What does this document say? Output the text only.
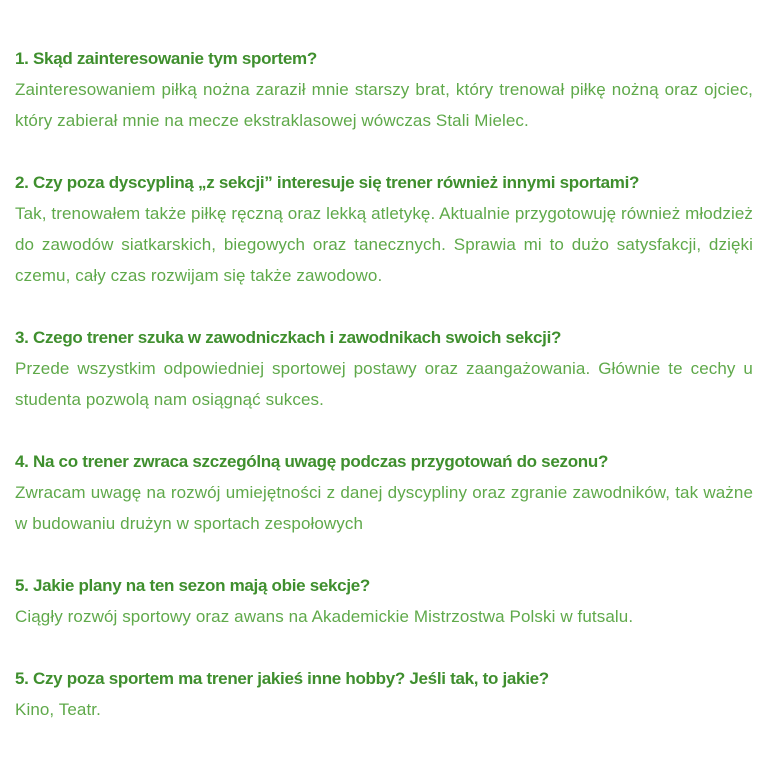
1. Skąd zainteresowanie tym sportem?

Zainteresowaniem piłką nożna zaraził mnie starszy brat, który trenował piłkę nożną oraz ojciec, który zabierał mnie na mecze ekstraklasowej wówczas Stali Mielec.

2. Czy poza dyscypliną „z sekcji” interesuje się trener również innymi sportami?

Tak, trenowałem także piłkę ręczną oraz lekką atletykę. Aktualnie przygotowuję również młodzież do zawodów siatkarskich, biegowych oraz tanecznych. Sprawia mi to dużo satysfakcji, dzięki czemu, cały czas rozwijam się także zawodowo.

3. Czego trener szuka w zawodniczkach i zawodnikach swoich sekcji?

Przede wszystkim odpowiedniej sportowej postawy oraz zaangażowania. Głównie te cechy u studenta pozwolą nam osiągnąć sukces.

4. Na co trener zwraca szczególną uwagę podczas przygotowań do sezonu?

Zwracam uwagę na rozwój umiejętności z danej dyscypliny oraz zgranie zawodników, tak ważne w budowaniu drużyn w sportach zespołowych

5. Jakie plany na ten sezon mają obie sekcje?

Ciągły rozwój sportowy oraz awans na Akademickie Mistrzostwa Polski w futsalu.

5. Czy poza sportem ma trener jakieś inne hobby? Jeśli tak, to jakie?

Kino, Teatr.
